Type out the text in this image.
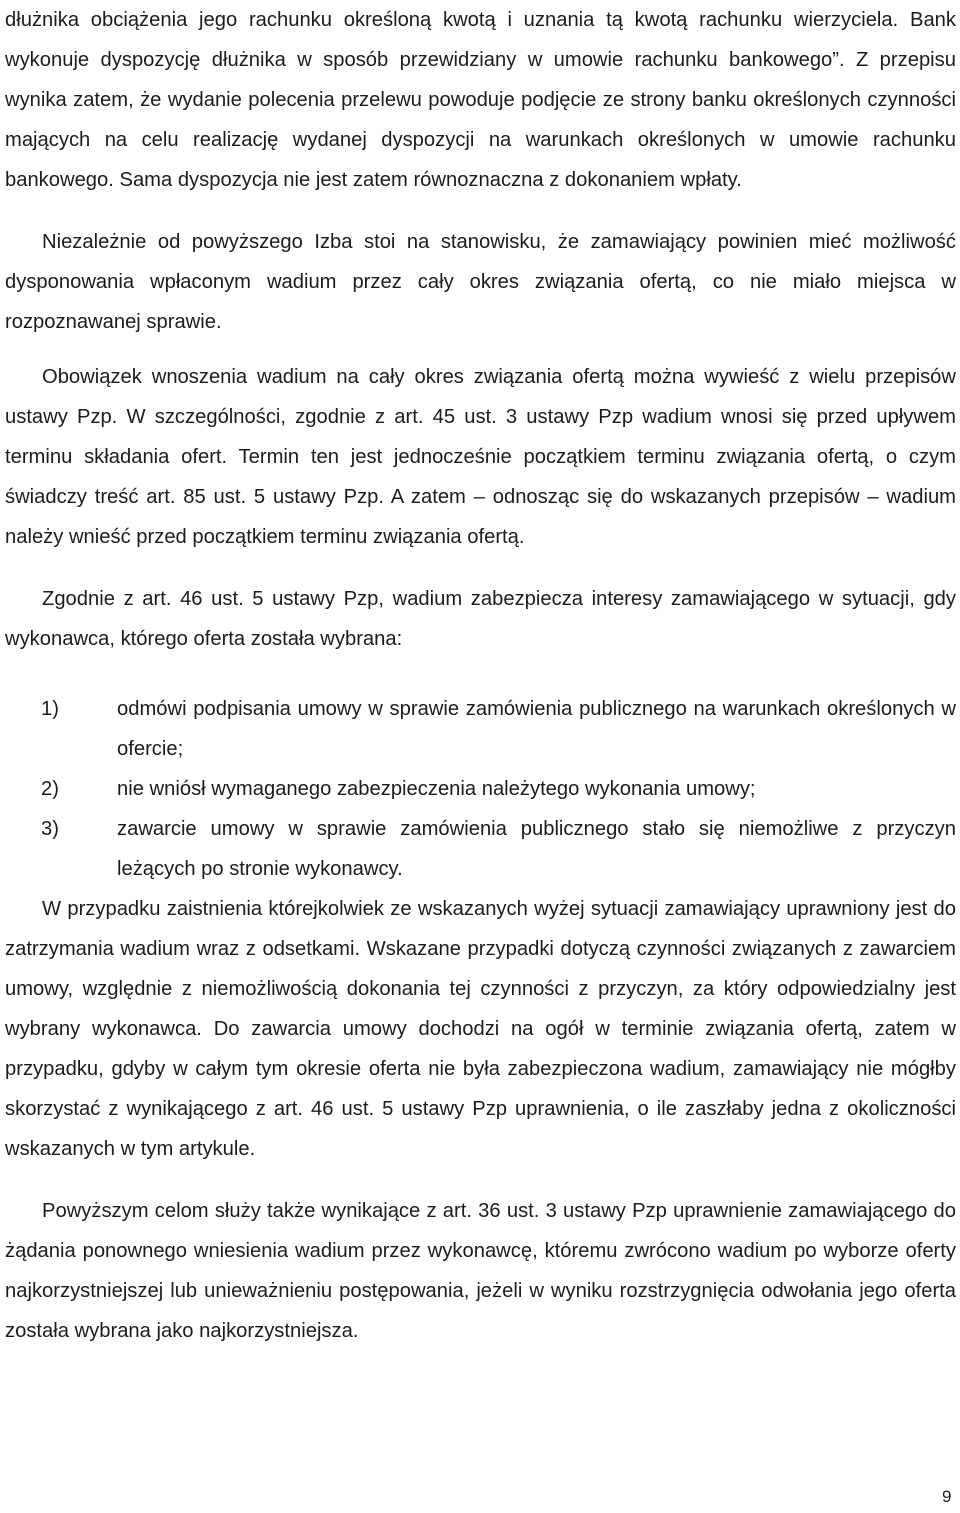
dłużnika obciążenia jego rachunku określoną kwotą i uznania tą kwotą rachunku wierzyciela. Bank wykonuje dyspozycję dłużnika w sposób przewidziany w umowie rachunku bankowego”. Z przepisu wynika zatem, że wydanie polecenia przelewu powoduje podjęcie ze strony banku określonych czynności mających na celu realizację wydanej dyspozycji na warunkach określonych w umowie rachunku bankowego. Sama dyspozycja nie jest zatem równoznaczna z dokonaniem wpłaty.

Niezależnie od powyższego Izba stoi na stanowisku, że zamawiający powinien mieć możliwość dysponowania wpłaconym wadium przez cały okres związania ofertą, co nie miało miejsca w rozpoznawanej sprawie.

Obowiązek wnoszenia wadium na cały okres związania ofertą można wywieść z wielu przepisów ustawy Pzp. W szczególności, zgodnie z art. 45 ust. 3 ustawy Pzp wadium wnosi się przed upływem terminu składania ofert. Termin ten jest jednocześnie początkiem terminu związania ofertą, o czym świadczy treść art. 85 ust. 5 ustawy Pzp. A zatem – odnosząc się do wskazanych przepisów – wadium należy wnieść przed początkiem terminu związania ofertą.

Zgodnie z art. 46 ust. 5 ustawy Pzp, wadium zabezpiecza interesy zamawiającego w sytuacji, gdy wykonawca, którego oferta została wybrana:

1)	odmówi podpisania umowy w sprawie zamówienia publicznego na warunkach określonych w ofercie;
2)	nie wniósł wymaganego zabezpieczenia należytego wykonania umowy;
3)	zawarcie umowy w sprawie zamówienia publicznego stało się niemożliwe z przyczyn leżących po stronie wykonawcy.

W przypadku zaistnienia którejkolwiek ze wskazanych wyżej sytuacji zamawiający uprawniony jest do zatrzymania wadium wraz z odsetkami. Wskazane przypadki dotyczą czynności związanych z zawarciem umowy, względnie z niemożliwością dokonania tej czynności z przyczyn, za który odpowiedzialny jest wybrany wykonawca. Do zawarcia umowy dochodzi na ogół w terminie związania ofertą, zatem w przypadku, gdyby w całym tym okresie oferta nie była zabezpieczona wadium, zamawiający nie mógłby skorzystać z wynikającego z art. 46 ust. 5 ustawy Pzp uprawnienia, o ile zaszłaby jedna z okoliczności wskazanych w tym artykule.

Powyższym celom służy także wynikające z art. 36 ust. 3 ustawy Pzp uprawnienie zamawiającego do żądania ponownego wniesienia wadium przez wykonawcę, któremu zwrócono wadium po wyborze oferty najkorzystniejszej lub unieważnieniu postępowania, jeżeli w wyniku rozstrzygnięcia odwołania jego oferta została wybrana jako najkorzystniejsza.

9
